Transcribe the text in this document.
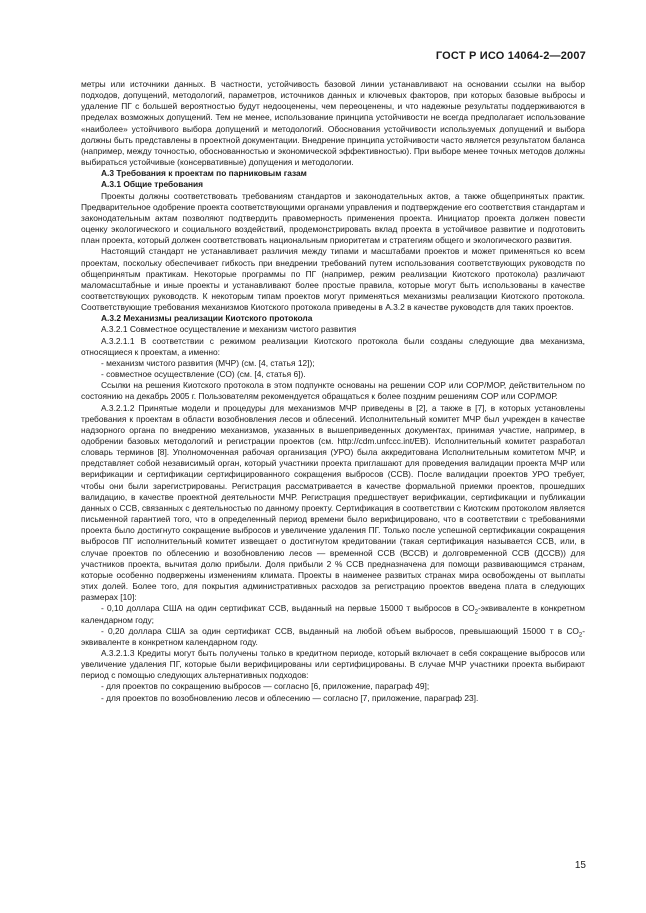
ГОСТ Р ИСО 14064-2—2007

метры или источники данных. В частности, устойчивость базовой линии устанавливают на основании ссылки на выбор подходов, допущений, методологий, параметров, источников данных и ключевых факторов, при которых базовые выбросы и удаление ПГ с большей вероятностью будут недооценены, чем переоценены, и что надежные результаты поддерживаются в пределах возможных допущений. Тем не менее, использование принципа устойчивости не всегда предполагает использование «наиболее» устойчивого выбора допущений и методологий. Обоснования устойчивости используемых допущений и выбора должны быть представлены в проектной документации. Внедрение принципа устойчивости часто является результатом баланса (например, между точностью, обоснованностью и экономической эффективностью). При выборе менее точных методов должны выбираться устойчивые (консервативные) допущения и методологии.

А.3 Требования к проектам по парниковым газам

А.3.1 Общие требования

Проекты должны соответствовать требованиям стандартов и законодательных актов, а также общепринятых практик. Предварительное одобрение проекта соответствующими органами управления и подтверждение его соответствия стандартам и законодательным актам позволяют подтвердить правомерность применения проекта. Инициатор проекта должен повести оценку экологического и социального воздействий, продемонстрировать вклад проекта в устойчивое развитие и подготовить план проекта, который должен соответствовать национальным приоритетам и стратегиям общего и экологического развития.

Настоящий стандарт не устанавливает различия между типами и масштабами проектов и может применяться ко всем проектам, поскольку обеспечивает гибкость при внедрении требований путем использования соответствующих руководств по общепринятым практикам. Некоторые программы по ПГ (например, режим реализации Киотского протокола) различают маломасштабные и иные проекты и устанавливают более простые правила, которые могут быть использованы в качестве соответствующих руководств. К некоторым типам проектов могут применяться механизмы реализации Киотского протокола. Соответствующие требования механизмов Киотского протокола приведены в А.3.2 в качестве руководств для таких проектов.

А.3.2 Механизмы реализации Киотского протокола

А.3.2.1 Совместное осуществление и механизм чистого развития

А.3.2.1.1 В соответствии с режимом реализации Киотского протокола были созданы следующие два механизма, относящиеся к проектам, а именно:

- механизм чистого развития (МЧР) (см. [4, статья 12]);

- совместное осуществление (СО) (см. [4, статья 6]).

Ссылки на решения Киотского протокола в этом подпункте основаны на решении СОР или СОР/МОР, действительном по состоянию на декабрь 2005 г. Пользователям рекомендуется обращаться к более поздним решениям СОР или СОР/МОР.

А.3.2.1.2 Принятые модели и процедуры для механизмов МЧР приведены в [2], а также в [7], в которых установлены требования к проектам в области возобновления лесов и облесений. Исполнительный комитет МЧР был учрежден в качестве надзорного органа по внедрению механизмов, указанных в вышеприведенных документах, принимая участие, например, в одобрении базовых методологий и регистрации проектов (см. http://cdm.unfccc.int/EB). Исполнительный комитет разработал словарь терминов [8]. Уполномоченная рабочая организация (УРО) была аккредитована Исполнительным комитетом МЧР, и представляет собой независимый орган, который участники проекта приглашают для проведения валидации проекта МЧР или верификации и сертификации сертифицированного сокращения выбросов (ССВ). После валидации проектов УРО требует, чтобы они были зарегистрированы. Регистрация рассматривается в качестве формальной приемки проектов, прошедших валидацию, в качестве проектной деятельности МЧР. Регистрация предшествует верификации, сертификации и публикации данных о ССВ, связанных с деятельностью по данному проекту. Сертификация в соответствии с Киотским протоколом является письменной гарантией того, что в определенный период времени было верифицировано, что в соответствии с требованиями проекта было достигнуто сокращение выбросов и увеличение удаления ПГ. Только после успешной сертификации сокращения выбросов ПГ исполнительный комитет извещает о достигнутом кредитовании (такая сертификация называется ССВ, или, в случае проектов по облесению и возобновлению лесов — временной ССВ (ВССВ) и долговременной ССВ (ДССВ)) для участников проекта, вычитая долю прибыли. Доля прибыли 2 % ССВ предназначена для помощи развивающимся странам, которые особенно подвержены изменениям климата. Проекты в наименее развитых странах мира освобождены от выплаты этих долей. Более того, для покрытия административных расходов за регистрацию проектов введена плата в следующих размерах [10]:

- 0,10 доллара США на один сертификат ССВ, выданный на первые 15000 т выбросов в $СО_2$-эквиваленте в конкретном календарном году;

- 0,20 доллара США за один сертификат ССВ, выданный на любой объем выбросов, превышающий 15000 т в $СО_2$-эквиваленте в конкретном календарном году.

А.3.2.1.3 Кредиты могут быть получены только в кредитном периоде, который включает в себя сокращение выбросов или увеличение удаления ПГ, которые были верифицированы или сертифицированы. В случае МЧР участники проекта выбирают период с помощью следующих альтернативных подходов:

- для проектов по сокращению выбросов — согласно [6, приложение, параграф 49];

- для проектов по возобновлению лесов и облесению — согласно [7, приложение, параграф 23].

15
